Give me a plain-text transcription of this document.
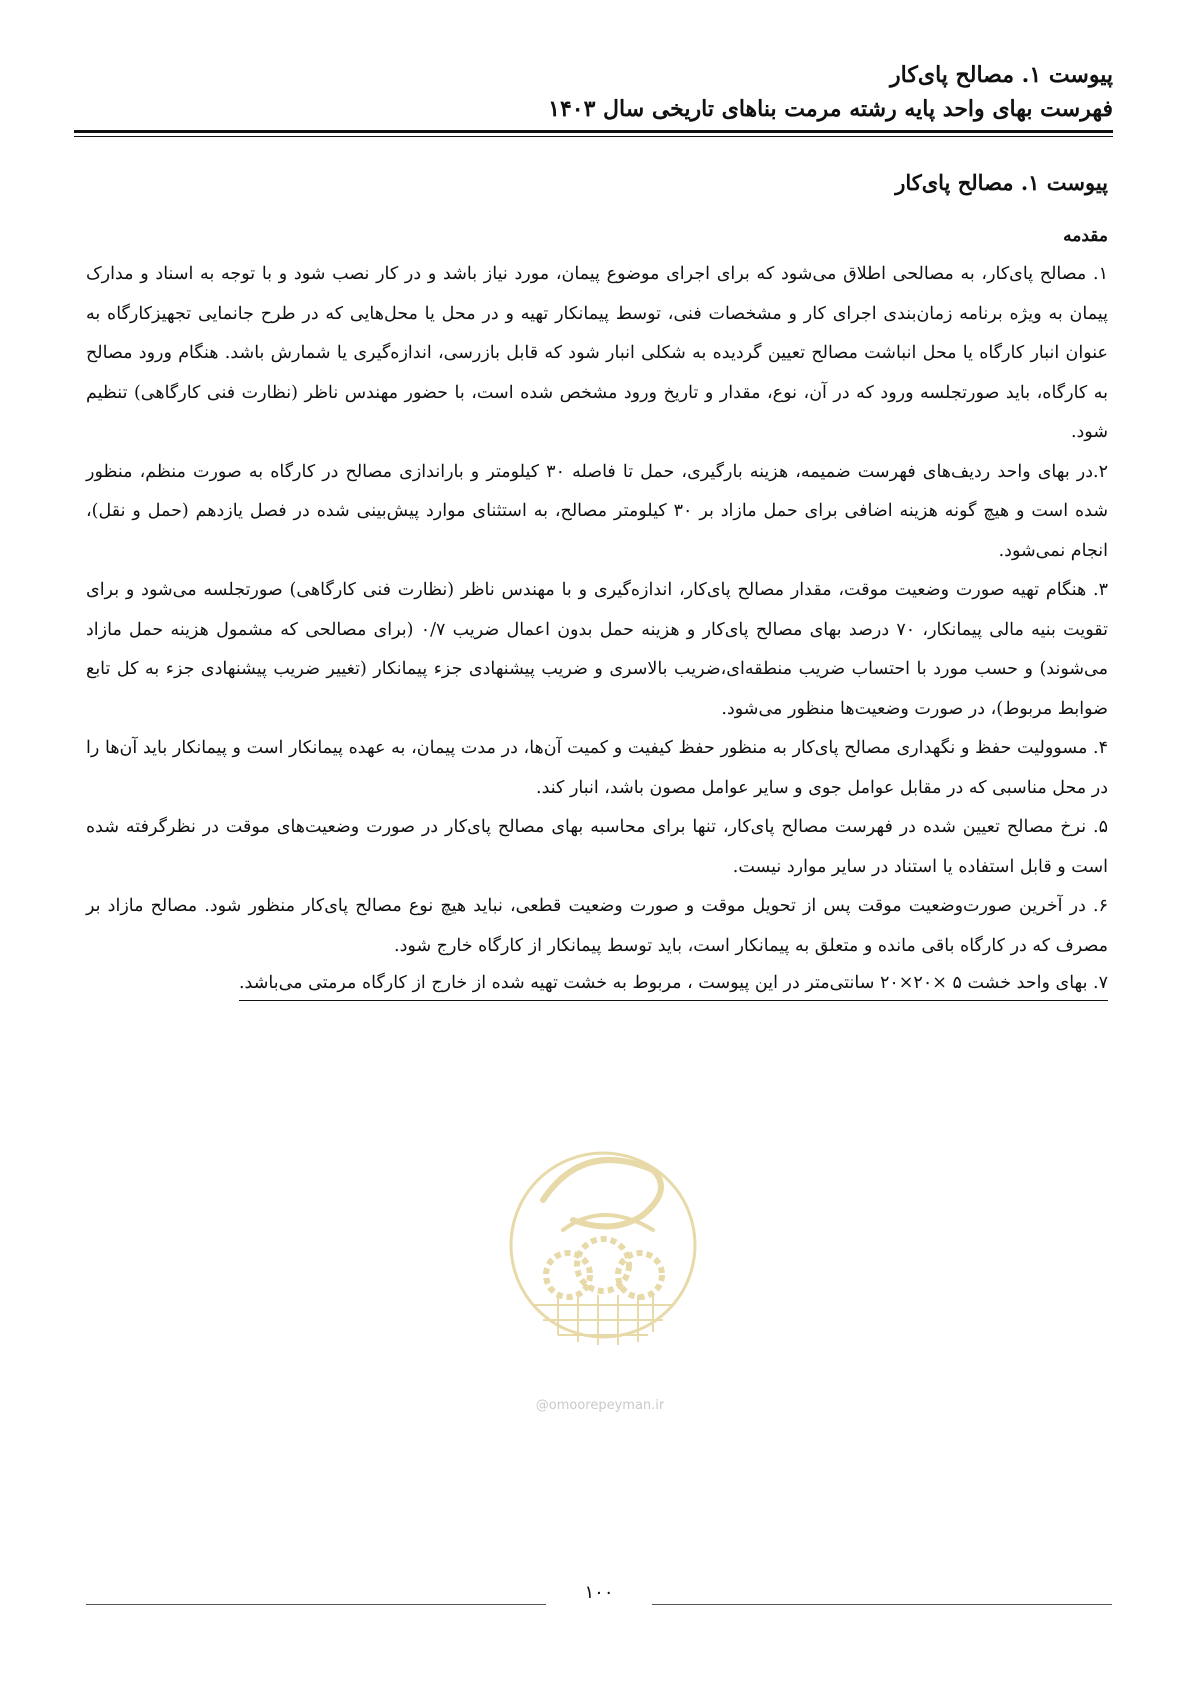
پیوست ۱. مصالح پای‌کار

فهرست بهای واحد پایه رشته مرمت بناهای تاریخی سال ۱۴۰۳

پیوست ۱. مصالح پای‌کار

مقدمه

۱. مصالح پای‌کار، به مصالحی اطلاق می‌شود که برای اجرای موضوع پیمان، مورد نیاز باشد و در کار نصب شود و با توجه به اسناد و مدارک پیمان به ویژه برنامه زمان‌بندی اجرای کار و مشخصات فنی، توسط پیمانکار تهیه و در محل یا محل‌هایی که در طرح جانمایی تجهیزکارگاه به عنوان انبار کارگاه یا محل انباشت مصالح تعیین گردیده به شکلی انبار شود که قابل بازرسی، اندازه‌گیری یا شمارش باشد. هنگام ورود مصالح به کارگاه، باید صورتجلسه ورود که در آن، نوع، مقدار و تاریخ ورود مشخص شده است، با حضور مهندس ناظر (نظارت فنی کارگاهی) تنظیم شود.

۲.در بهای واحد ردیف‌های فهرست ضمیمه، هزینه بارگیری، حمل تا فاصله ۳۰ کیلومتر و باراندازی مصالح در کارگاه به صورت منظم، منظور شده است و هیچ گونه هزینه اضافی برای حمل مازاد بر ۳۰ کیلومتر مصالح، به استثنای موارد پیش‌بینی شده در فصل یازدهم (حمل و نقل)، انجام نمی‌شود.

۳. هنگام تهیه صورت وضعیت موقت، مقدار مصالح پای‌کار، اندازه‌گیری و با مهندس ناظر (نظارت فنی کارگاهی) صورتجلسه می‌شود و برای تقویت بنیه مالی پیمانکار، ۷۰ درصد بهای مصالح پای‌کار و هزینه حمل بدون اعمال ضریب ۰/۷ (برای مصالحی که مشمول هزینه حمل مازاد می‌شوند) و حسب مورد با احتساب ضریب منطقه‌ای،ضریب بالاسری و ضریب پیشنهادی جزء پیمانکار (تغییر ضریب پیشنهادی جزء به کل تابع ضوابط مربوط)، در صورت وضعیت‌ها منظور می‌شود.

۴. مسوولیت حفظ و نگهداری مصالح پای‌کار به منظور حفظ کیفیت و کمیت آن‌ها، در مدت پیمان، به عهده پیمانکار است و پیمانکار باید آن‌ها را در محل مناسبی که در مقابل عوامل جوی و سایر عوامل مصون باشد، انبار کند.

۵. نرخ مصالح تعیین شده در فهرست مصالح پای‌کار، تنها برای محاسبه بهای مصالح پای‌کار در صورت وضعیت‌های موقت در نظرگرفته شده است و قابل استفاده یا استناد در سایر موارد نیست.

۶. در آخرین صورت‌وضعیت موقت پس از تحویل موقت و صورت وضعیت قطعی، نباید هیچ نوع مصالح پای‌کار منظور شود. مصالح مازاد بر مصرف که در کارگاه باقی مانده و متعلق به پیمانکار است، باید توسط پیمانکار از کارگاه خارج شود.

۷. بهای واحد خشت ۵ ×۲۰×۲۰ سانتی‌متر در این پیوست ، مربوط به خشت تهیه شده از خارج از کارگاه مرمتی می‌باشد.

@omoorepeyman.ir
۱۰۰
